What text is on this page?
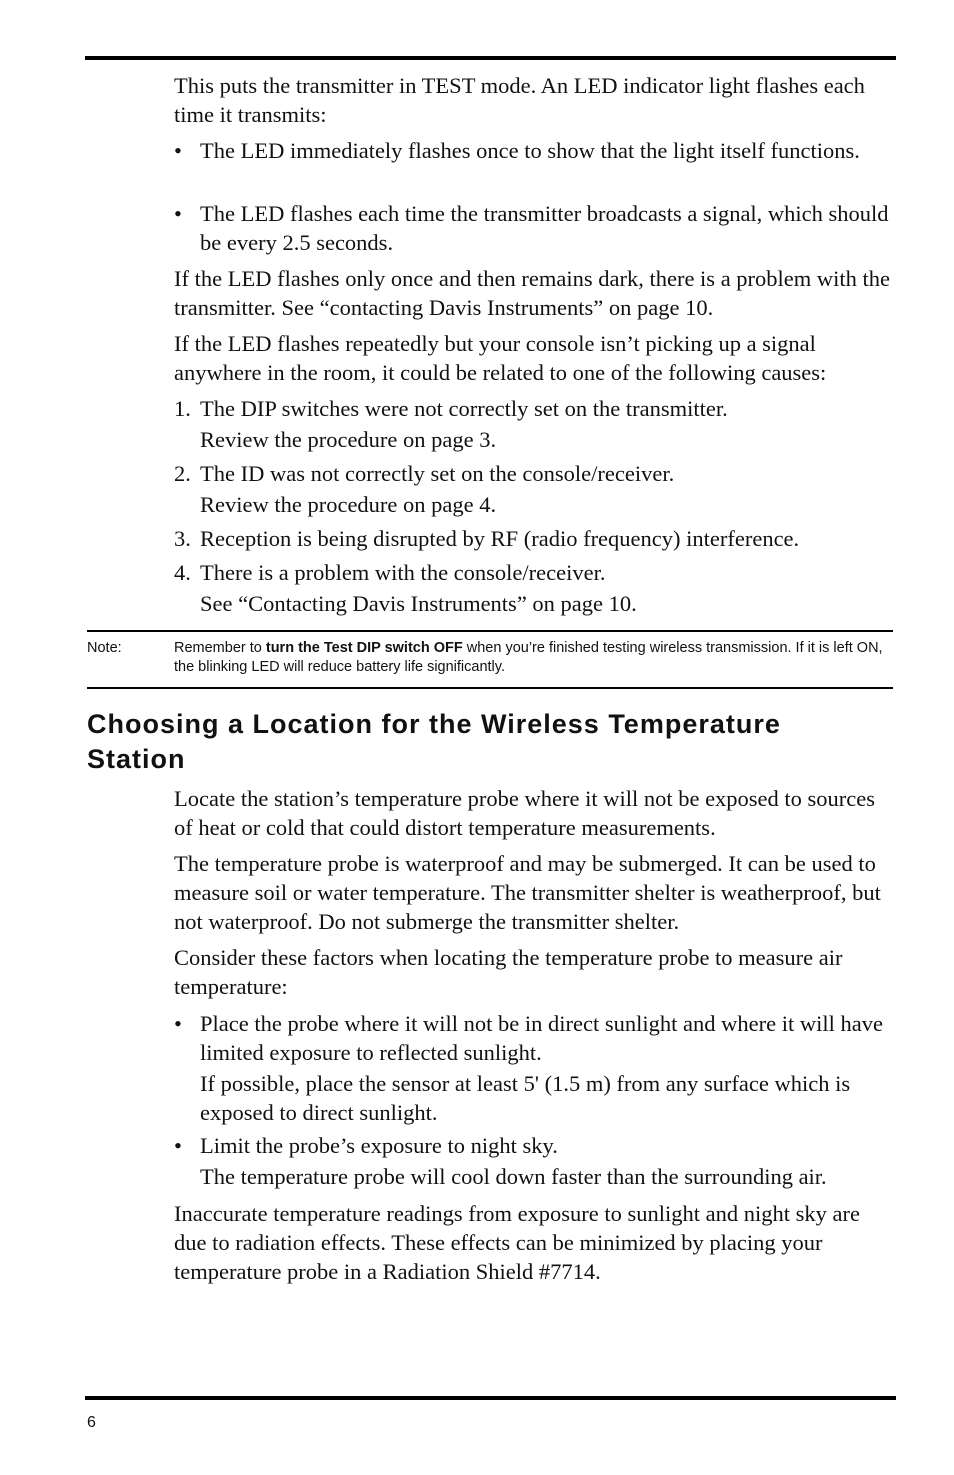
This puts the transmitter in TEST mode. An LED indicator light flashes each time it transmits:

• The LED immediately flashes once to show that the light itself functions.
• The LED flashes each time the transmitter broadcasts a signal, which should be every 2.5 seconds.

If the LED flashes only once and then remains dark, there is a problem with the transmitter. See “contacting Davis Instruments” on page 10.

If the LED flashes repeatedly but your console isn’t picking up a signal anywhere in the room, it could be related to one of the following causes:

1. The DIP switches were not correctly set on the transmitter.
Review the procedure on page 3.
2. The ID was not correctly set on the console/receiver.
Review the procedure on page 4.
3. Reception is being disrupted by RF (radio frequency) interference.
4. There is a problem with the console/receiver.
See “Contacting Davis Instruments” on page 10.
Note:	Remember to turn the Test DIP switch OFF when you’re finished testing wireless transmission. If it is left ON, the blinking LED will reduce battery life significantly.
Choosing a Location for the Wireless Temperature Station

Locate the station’s temperature probe where it will not be exposed to sources of heat or cold that could distort temperature measurements.

The temperature probe is waterproof and may be submerged. It can be used to measure soil or water temperature. The transmitter shelter is weatherproof, but not waterproof. Do not submerge the transmitter shelter.

Consider these factors when locating the temperature probe to measure air temperature:

• Place the probe where it will not be in direct sunlight and where it will have limited exposure to reflected sunlight.
If possible, place the sensor at least 5' (1.5 m) from any surface which is exposed to direct sunlight.
• Limit the probe’s exposure to night sky.
The temperature probe will cool down faster than the surrounding air.

Inaccurate temperature readings from exposure to sunlight and night sky are due to radiation effects. These effects can be minimized by placing your temperature probe in a Radiation Shield #7714.

6
